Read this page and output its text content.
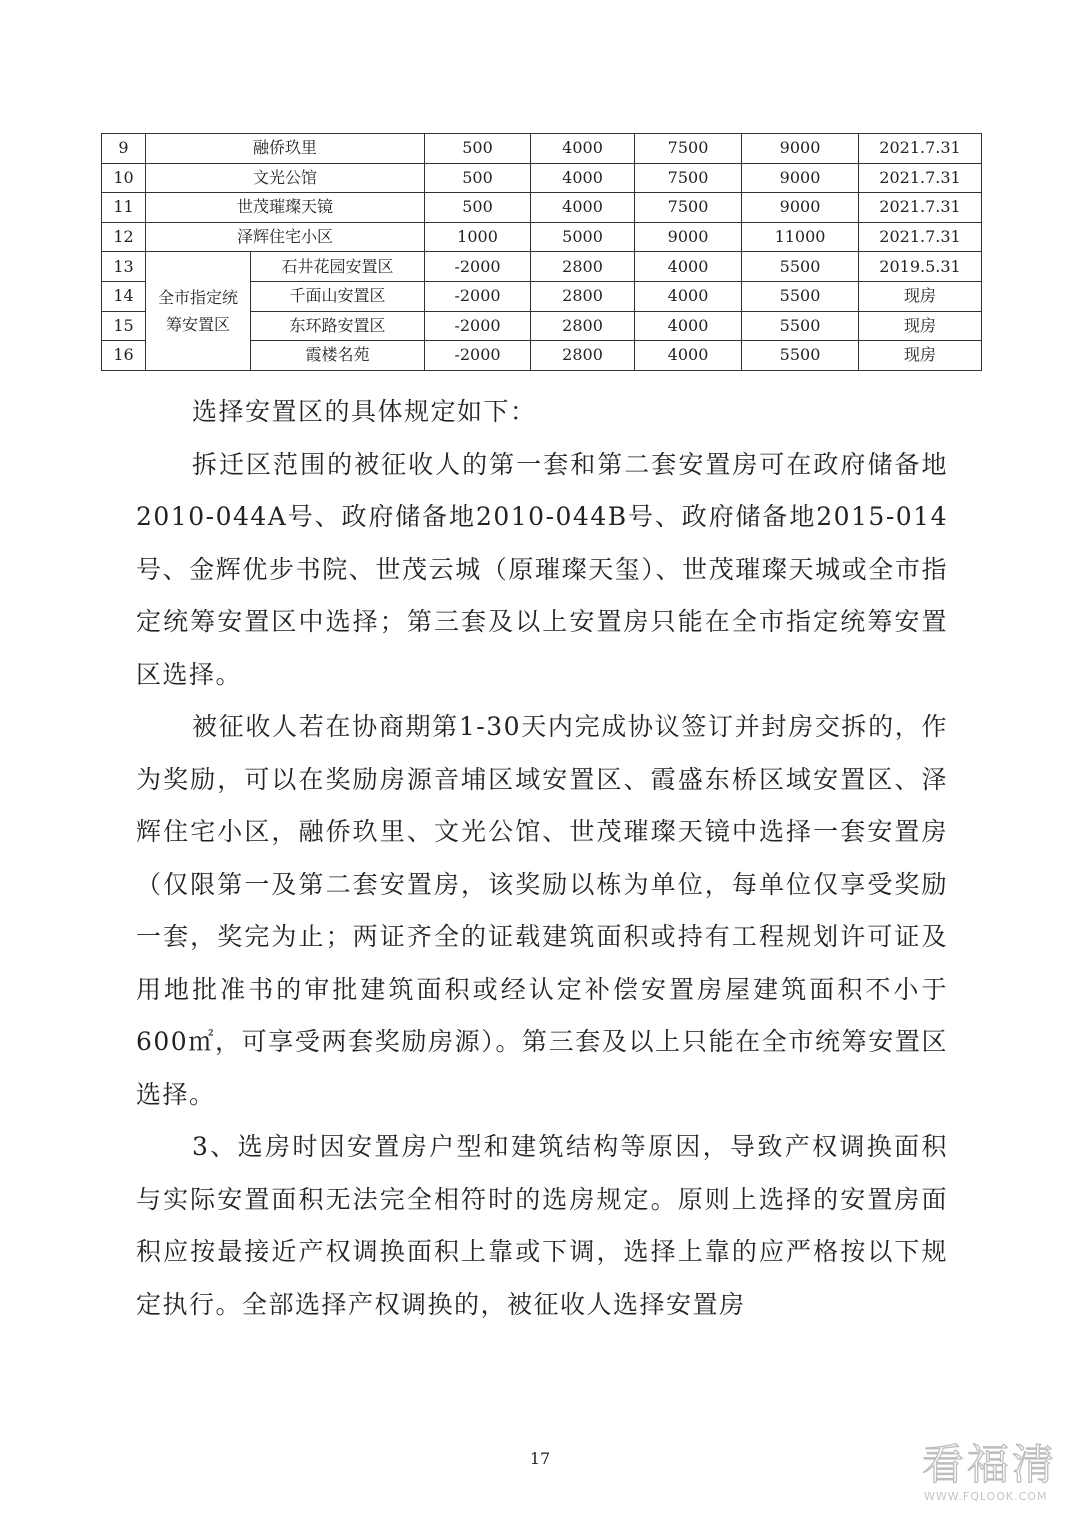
9	融侨玖里		500	4000	7500	9000	2021.7.31
10	文光公馆		500	4000	7500	9000	2021.7.31
11	世茂璀璨天镜		500	4000	7500	9000	2021.7.31
12	泽辉住宅小区		1000	5000	9000	11000	2021.7.31
13	全市指定统筹安置区	石井花园安置区	-2000	2800	4000	5500	2019.5.31
14		千面山安置区	-2000	2800	4000	5500	现房
15		东环路安置区	-2000	2800	4000	5500	现房
16		霞楼名苑	-2000	2800	4000	5500	现房

选择安置区的具体规定如下：

拆迁区范围的被征收人的第一套和第二套安置房可在政府储备地2010-044A号、政府储备地2010-044B号、政府储备地2015-014号、金辉优步书院、世茂云城（原璀璨天玺）、世茂璀璨天城或全市指定统筹安置区中选择；第三套及以上安置房只能在全市指定统筹安置区选择。

被征收人若在协商期第1-30天内完成协议签订并封房交拆的，作为奖励，可以在奖励房源音埔区域安置区、霞盛东桥区域安置区、泽辉住宅小区，融侨玖里、文光公馆、世茂璀璨天镜中选择一套安置房（仅限第一及第二套安置房，该奖励以栋为单位，每单位仅享受奖励一套，奖完为止；两证齐全的证载建筑面积或持有工程规划许可证及用地批准书的审批建筑面积或经认定补偿安置房屋建筑面积不小于600㎡，可享受两套奖励房源）。第三套及以上只能在全市统筹安置区选择。

3、选房时因安置房户型和建筑结构等原因，导致产权调换面积与实际安置面积无法完全相符时的选房规定。原则上选择的安置房面积应按最接近产权调换面积上靠或下调，选择上靠的应严格按以下规定执行。全部选择产权调换的，被征收人选择安置房

17	看福清
WWW.FQLOOK.COM
